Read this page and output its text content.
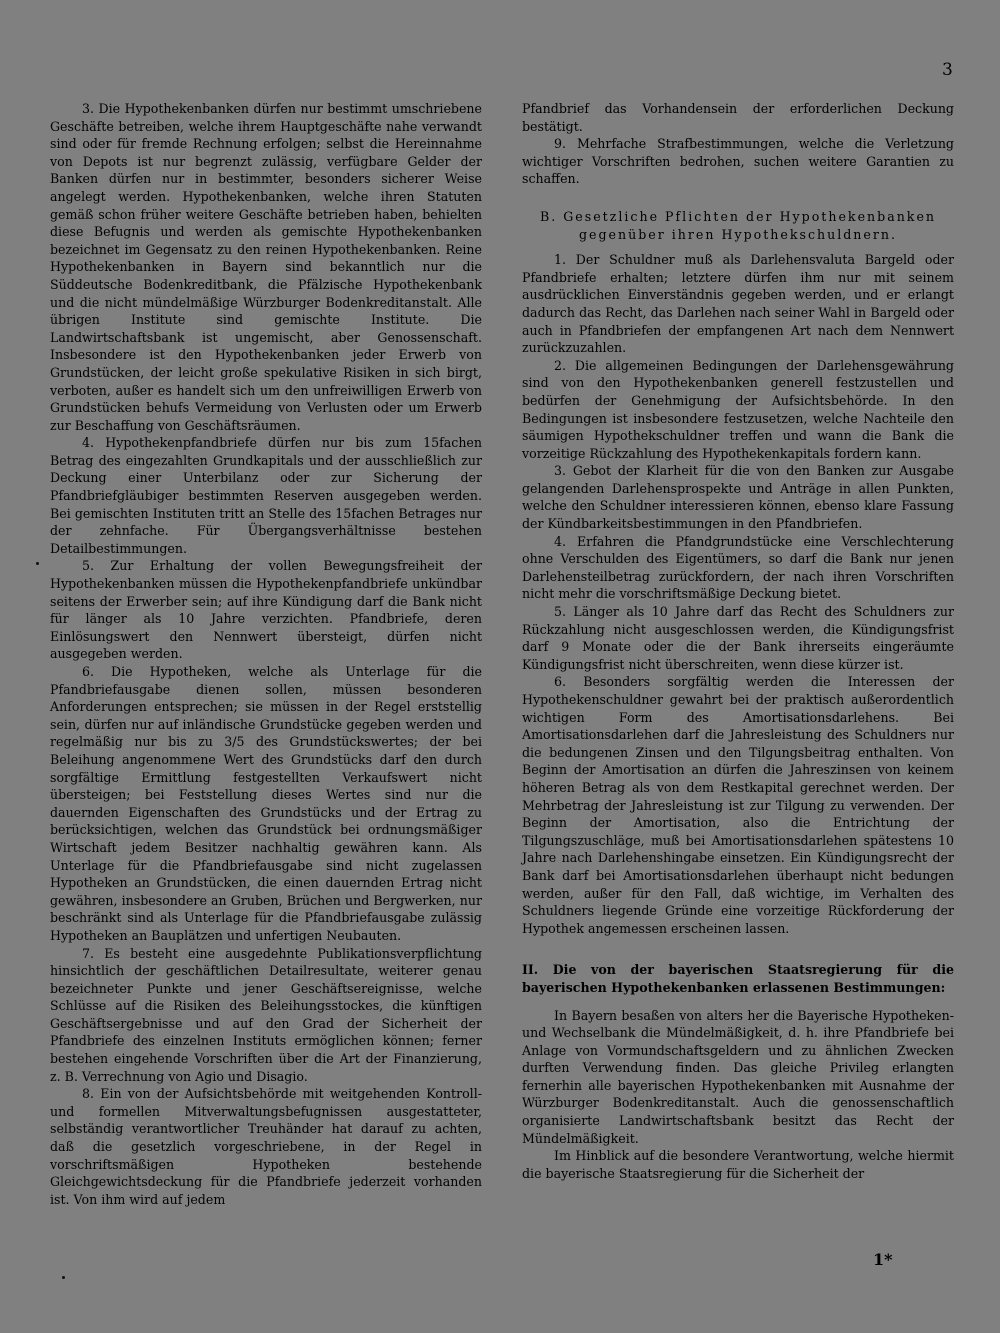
3

3. Die Hypothekenbanken dürfen nur bestimmt umschriebene Geschäfte betreiben, welche ihrem Hauptgeschäfte nahe verwandt sind oder für fremde Rechnung erfolgen; selbst die Hereinnahme von Depots ist nur begrenzt zulässig, verfügbare Gelder der Banken dürfen nur in bestimmter, besonders sicherer Weise angelegt werden. Hypothekenbanken, welche ihren Statuten gemäß schon früher weitere Geschäfte betrieben haben, behielten diese Befugnis und werden als gemischte Hypothekenbanken bezeichnet im Gegensatz zu den reinen Hypothekenbanken. Reine Hypothekenbanken in Bayern sind bekanntlich nur die Süddeutsche Bodenkreditbank, die Pfälzische Hypothekenbank und die nicht mündelmäßige Würzburger Bodenkreditanstalt. Alle übrigen Institute sind gemischte Institute. Die Landwirtschaftsbank ist ungemischt, aber Genossenschaft. Insbesondere ist den Hypothekenbanken jeder Erwerb von Grundstücken, der leicht große spekulative Risiken in sich birgt, verboten, außer es handelt sich um den unfreiwilligen Erwerb von Grundstücken behufs Vermeidung von Verlusten oder um Erwerb zur Beschaffung von Geschäftsräumen.

4. Hypothekenpfandbriefe dürfen nur bis zum 15fachen Betrag des eingezahlten Grundkapitals und der ausschließlich zur Deckung einer Unterbilanz oder zur Sicherung der Pfandbriefgläubiger bestimmten Reserven ausgegeben werden. Bei gemischten Instituten tritt an Stelle des 15fachen Betrages nur der zehnfache. Für Übergangsverhältnisse bestehen Detailbestimmungen.

5. Zur Erhaltung der vollen Bewegungsfreiheit der Hypothekenbanken müssen die Hypothekenpfandbriefe unkündbar seitens der Erwerber sein; auf ihre Kündigung darf die Bank nicht für länger als 10 Jahre verzichten. Pfandbriefe, deren Einlösungswert den Nennwert übersteigt, dürfen nicht ausgegeben werden.

6. Die Hypotheken, welche als Unterlage für die Pfandbriefausgabe dienen sollen, müssen besonderen Anforderungen entsprechen; sie müssen in der Regel erststellig sein, dürfen nur auf inländische Grundstücke gegeben werden und regelmäßig nur bis zu 3/5 des Grundstückswertes; der bei Beleihung angenommene Wert des Grundstücks darf den durch sorgfältige Ermittlung festgestellten Verkaufswert nicht übersteigen; bei Feststellung dieses Wertes sind nur die dauernden Eigenschaften des Grundstücks und der Ertrag zu berücksichtigen, welchen das Grundstück bei ordnungsmäßiger Wirtschaft jedem Besitzer nachhaltig gewähren kann. Als Unterlage für die Pfandbriefausgabe sind nicht zugelassen Hypotheken an Grundstücken, die einen dauernden Ertrag nicht gewähren, insbesondere an Gruben, Brüchen und Bergwerken, nur beschränkt sind als Unterlage für die Pfandbriefausgabe zulässig Hypotheken an Bauplätzen und unfertigen Neubauten.

7. Es besteht eine ausgedehnte Publikationsverpflichtung hinsichtlich der geschäftlichen Detailresultate, weiterer genau bezeichneter Punkte und jener Geschäftsereignisse, welche Schlüsse auf die Risiken des Beleihungsstockes, die künftigen Geschäftsergebnisse und auf den Grad der Sicherheit der Pfandbriefe des einzelnen Instituts ermöglichen können; ferner bestehen eingehende Vorschriften über die Art der Finanzierung, z. B. Verrechnung von Agio und Disagio.

8. Ein von der Aufsichtsbehörde mit weitgehenden Kontroll- und formellen Mitverwaltungsbefugnissen ausgestatteter, selbständig verantwortlicher Treuhänder hat darauf zu achten, daß die gesetzlich vorgeschriebene, in der Regel in vorschriftsmäßigen Hypotheken bestehende Gleichgewichtsdeckung für die Pfandbriefe jederzeit vorhanden ist. Von ihm wird auf jedem

Pfandbrief das Vorhandensein der erforderlichen Deckung bestätigt.

9. Mehrfache Strafbestimmungen, welche die Verletzung wichtiger Vorschriften bedrohen, suchen weitere Garantien zu schaffen.

B. Gesetzliche Pflichten der Hypothekenbanken gegenüber ihren Hypothekschuldnern.

1. Der Schuldner muß als Darlehensvaluta Bargeld oder Pfandbriefe erhalten; letztere dürfen ihm nur mit seinem ausdrücklichen Einverständnis gegeben werden, und er erlangt dadurch das Recht, das Darlehen nach seiner Wahl in Bargeld oder auch in Pfandbriefen der empfangenen Art nach dem Nennwert zurückzuzahlen.

2. Die allgemeinen Bedingungen der Darlehensgewährung sind von den Hypothekenbanken generell festzustellen und bedürfen der Genehmigung der Aufsichtsbehörde. In den Bedingungen ist insbesondere festzusetzen, welche Nachteile den säumigen Hypothekschuldner treffen und wann die Bank die vorzeitige Rückzahlung des Hypothekenkapitals fordern kann.

3. Gebot der Klarheit für die von den Banken zur Ausgabe gelangenden Darlehensprospekte und Anträge in allen Punkten, welche den Schuldner interessieren können, ebenso klare Fassung der Kündbarkeitsbestimmungen in den Pfandbriefen.

4. Erfahren die Pfandgrundstücke eine Verschlechterung ohne Verschulden des Eigentümers, so darf die Bank nur jenen Darlehensteilbetrag zurückfordern, der nach ihren Vorschriften nicht mehr die vorschriftsmäßige Deckung bietet.

5. Länger als 10 Jahre darf das Recht des Schuldners zur Rückzahlung nicht ausgeschlossen werden, die Kündigungsfrist darf 9 Monate oder die der Bank ihrerseits eingeräumte Kündigungsfrist nicht überschreiten, wenn diese kürzer ist.

6. Besonders sorgfältig werden die Interessen der Hypothekenschuldner gewahrt bei der praktisch außerordentlich wichtigen Form des Amortisationsdarlehens. Bei Amortisationsdarlehen darf die Jahresleistung des Schuldners nur die bedungenen Zinsen und den Tilgungsbeitrag enthalten. Von Beginn der Amortisation an dürfen die Jahreszinsen von keinem höheren Betrag als von dem Restkapital gerechnet werden. Der Mehrbetrag der Jahresleistung ist zur Tilgung zu verwenden. Der Beginn der Amortisation, also die Entrichtung der Tilgungszuschläge, muß bei Amortisationsdarlehen spätestens 10 Jahre nach Darlehenshingabe einsetzen. Ein Kündigungsrecht der Bank darf bei Amortisationsdarlehen überhaupt nicht bedungen werden, außer für den Fall, daß wichtige, im Verhalten des Schuldners liegende Gründe eine vorzeitige Rückforderung der Hypothek angemessen erscheinen lassen.

II. Die von der bayerischen Staatsregierung für die bayerischen Hypothekenbanken erlassenen Bestimmungen:

In Bayern besaßen von alters her die Bayerische Hypotheken- und Wechselbank die Mündelmäßigkeit, d. h. ihre Pfandbriefe bei Anlage von Vormundschaftsgeldern und zu ähnlichen Zwecken durften Verwendung finden. Das gleiche Privileg erlangten fernerhin alle bayerischen Hypothekenbanken mit Ausnahme der Würzburger Bodenkreditanstalt. Auch die genossenschaftlich organisierte Landwirtschaftsbank besitzt das Recht der Mündelmäßigkeit.

Im Hinblick auf die besondere Verantwortung, welche hiermit die bayerische Staatsregierung für die Sicherheit der

1*
